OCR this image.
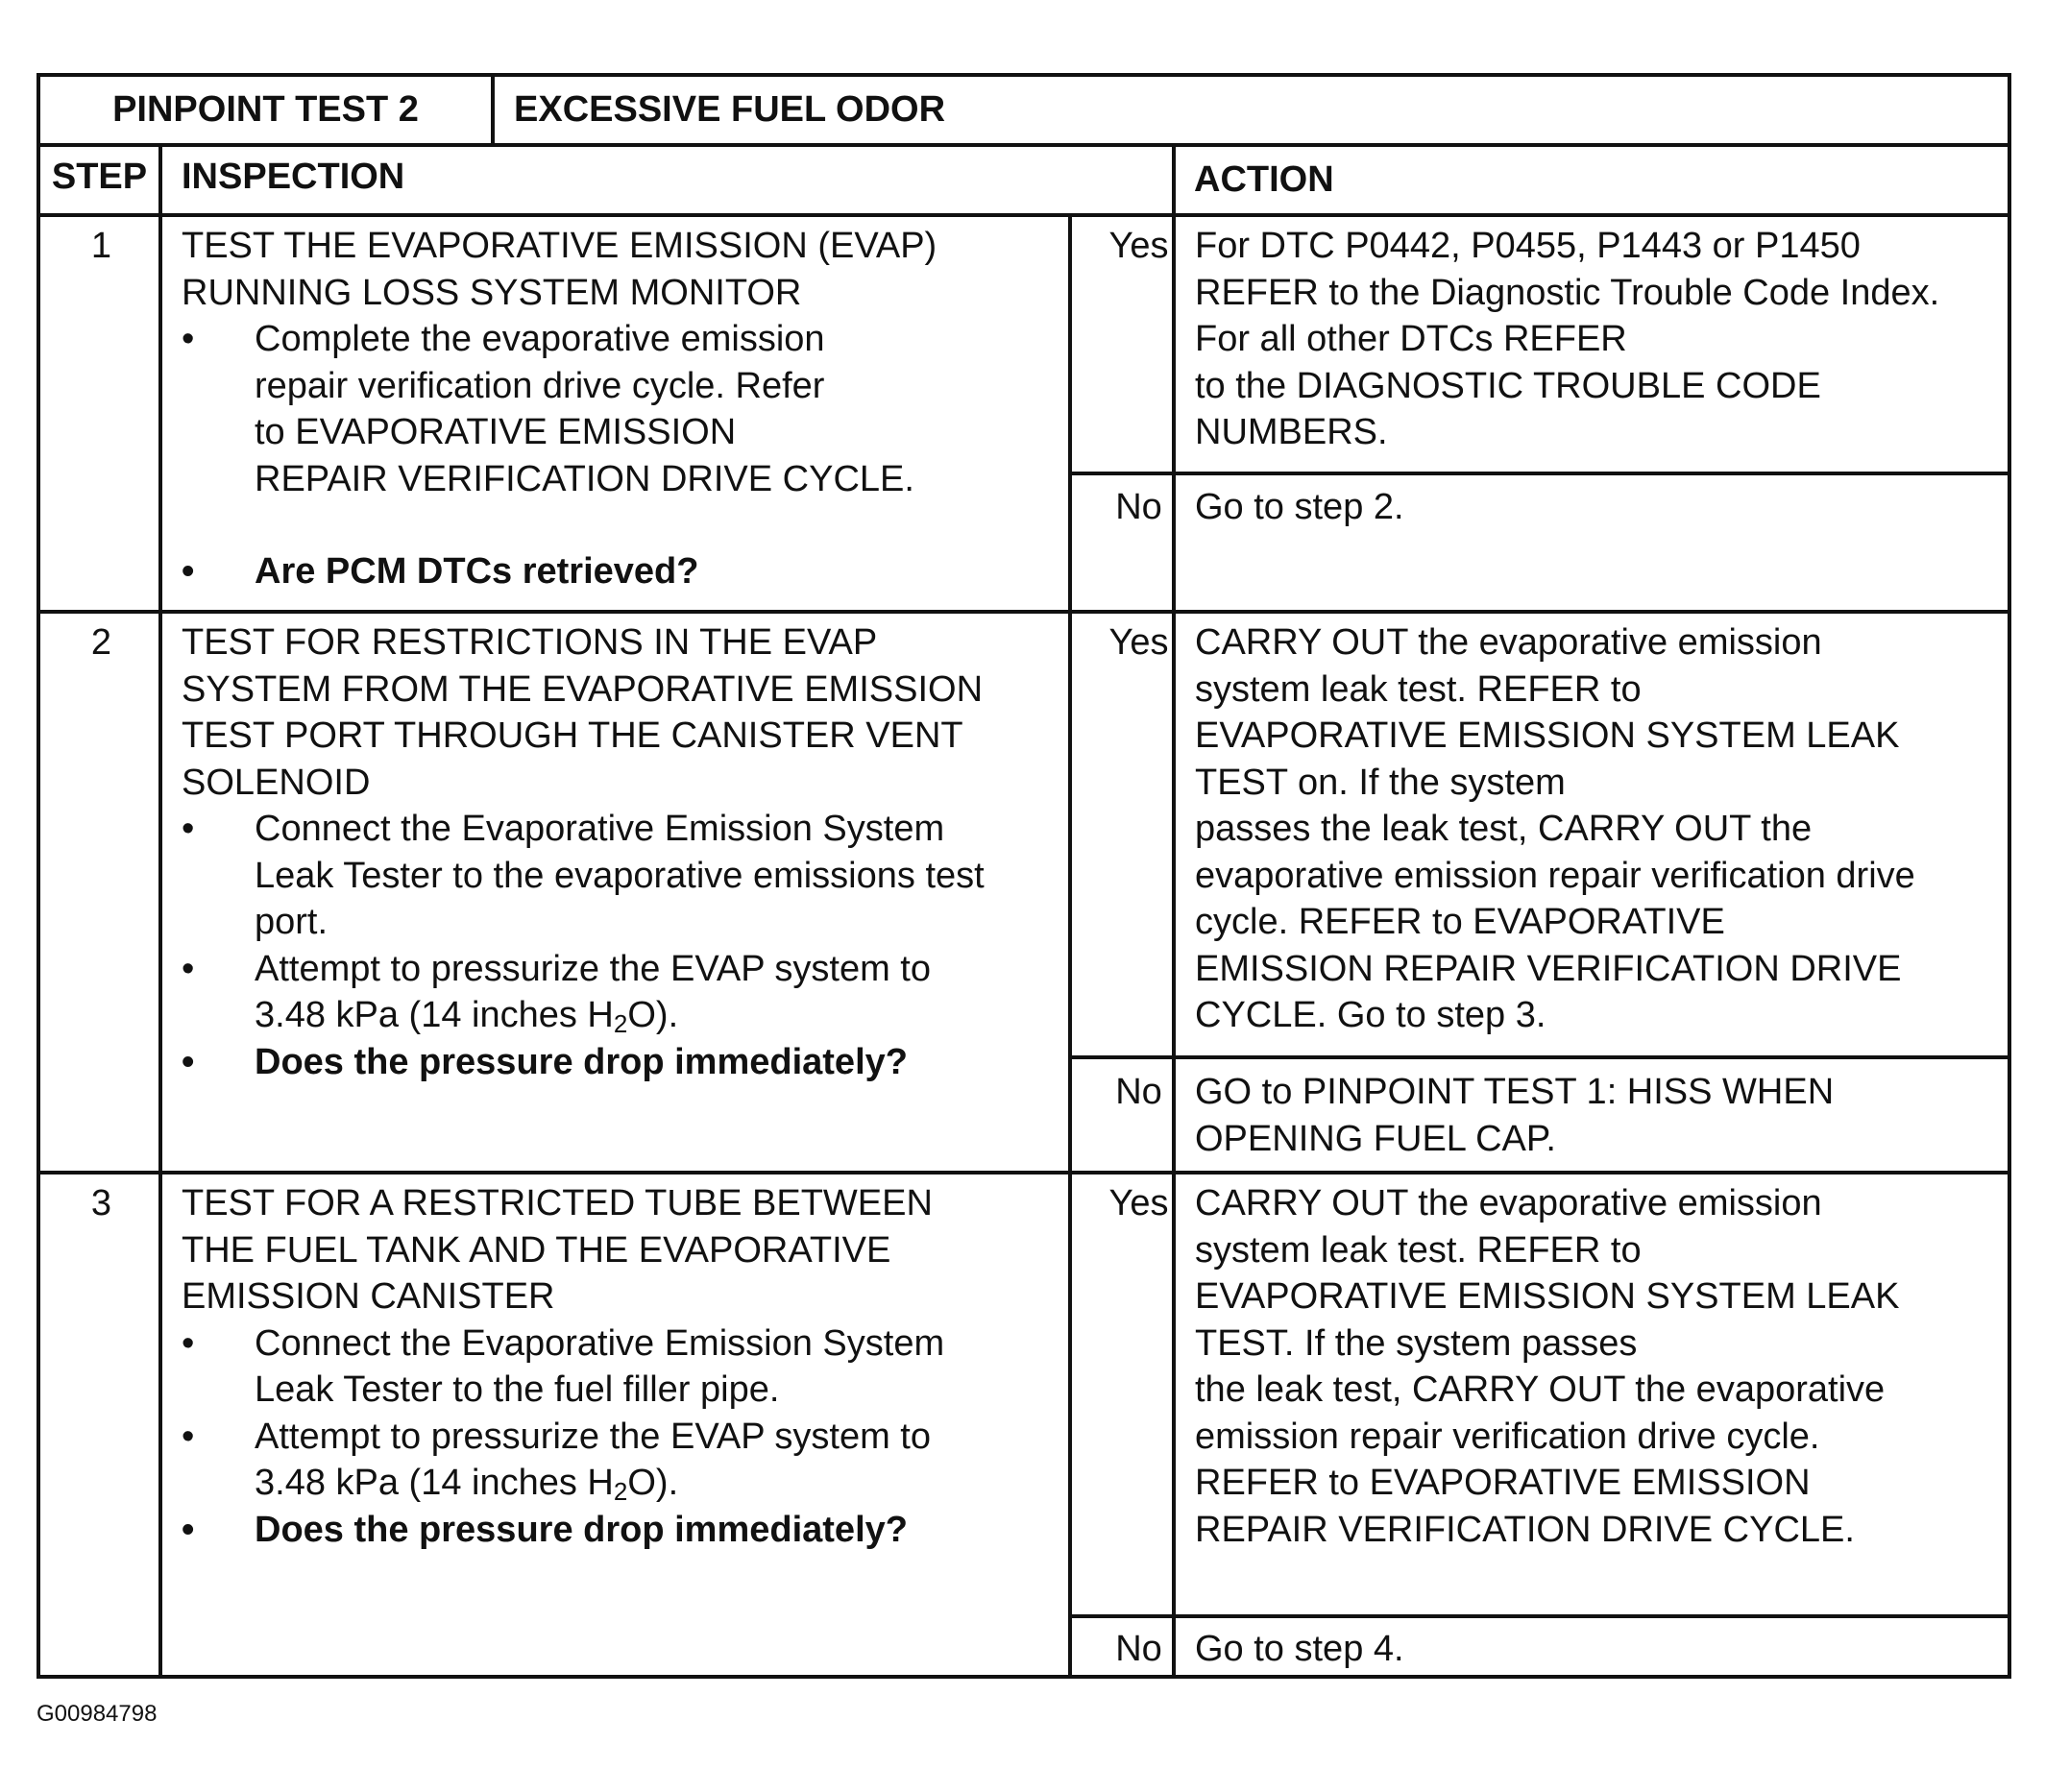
PINPOINT TEST 2	EXCESSIVE FUEL ODOR
STEP INSPECTION	ACTION
1	TEST THE EVAPORATIVE EMISSION (EVAP)

RUNNING LOSS SYSTEM MONITOR

• Complete the evaporative emission

repair verification drive cycle. Refer

to EVAPORATIVE EMISSION

REPAIR VERIFICATION DRIVE CYCLE.

• Are PCM DTCs retrieved?

Yes For DTC P0442, P0455, P1443 or P1450

REFER to the Diagnostic Trouble Code Index.

For all other DTCs REFER

to the DIAGNOSTIC TROUBLE CODE

NUMBERS.

No Go to step 2.

2	TEST FOR RESTRICTIONS IN THE EVAP

SYSTEM FROM THE EVAPORATIVE EMISSION

TEST PORT THROUGH THE CANISTER VENT

SOLENOID

• Connect the Evaporative Emission System

Leak Tester to the evaporative emissions test

port.

• Attempt to pressurize the EVAP system to

3.48 kPa (14 inches $H_2O$).

• Does the pressure drop immediately?

Yes CARRY OUT the evaporative emission

system leak test. REFER to

EVAPORATIVE EMISSION SYSTEM LEAK

TEST on. If the system

passes the leak test, CARRY OUT the

evaporative emission repair verification drive

cycle. REFER to EVAPORATIVE

EMISSION REPAIR VERIFICATION DRIVE

CYCLE. Go to step 3.

No GO to PINPOINT TEST 1: HISS WHEN

OPENING FUEL CAP.

3	TEST FOR A RESTRICTED TUBE BETWEEN

THE FUEL TANK AND THE EVAPORATIVE

EMISSION CANISTER

• Connect the Evaporative Emission System

Leak Tester to the fuel filler pipe.

• Attempt to pressurize the EVAP system to

3.48 kPa (14 inches $H_2O$).

• Does the pressure drop immediately?

Yes CARRY OUT the evaporative emission

system leak test. REFER to

EVAPORATIVE EMISSION SYSTEM LEAK

TEST. If the system passes

the leak test, CARRY OUT the evaporative

emission repair verification drive cycle.

REFER to EVAPORATIVE EMISSION

REPAIR VERIFICATION DRIVE CYCLE.

No Go to step 4.

G00984798
